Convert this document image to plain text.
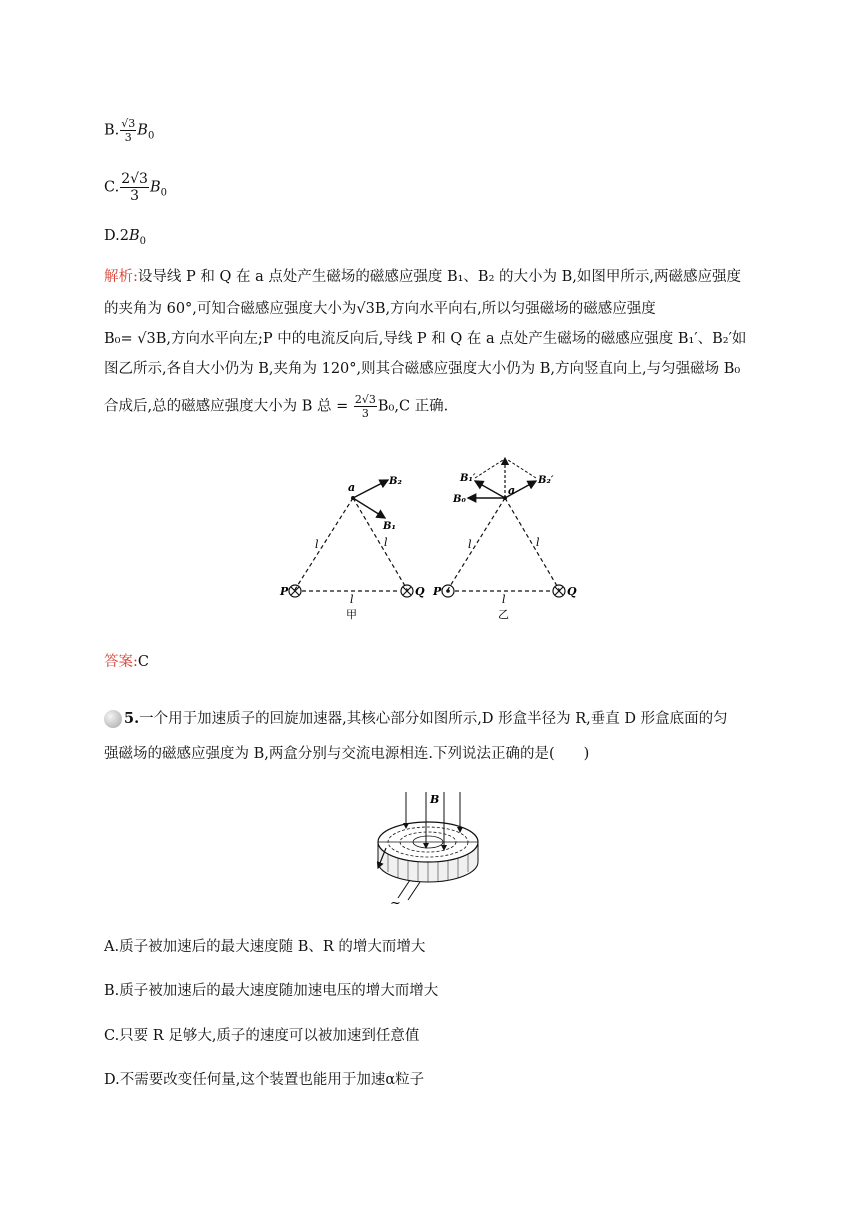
B. $\frac{√3}{3} B_0$
C. $\frac{2√3}{3} B_0$
$D.2B_0$
解析:设导线 P 和 Q 在 a 点处产生磁场的磁感应强度 B₁、B₂ 的大小为 B,如图甲所示,两磁感应强度
的夹角为 60°,可知合磁感应强度大小为√3B,方向水平向右,所以匀强磁场的磁感应强度
B₀= √3B,方向水平向左;P 中的电流反向后,导线 P 和 Q 在 a 点处产生磁场的磁感应强度 B₁′、B₂′如
图乙所示,各自大小仍为 B,夹角为 120°,则其合磁感应强度大小仍为 B,方向竖直向上,与匀强磁场 B₀
合成后,总的磁感应强度大小为 B 总 = $\frac{2√3}{3} B_0,C$ 正确.
a	B₂
B₁
l	l
l
P	Q
甲
a
B₁′	B₂′
B₀
l	l
l
P	Q
乙
答案:C
5.一个用于加速质子的回旋加速器,其核心部分如图所示,D 形盒半径为 R,垂直 D 形盒底面的匀
强磁场的磁感应强度为 B,两盒分别与交流电源相连.下列说法正确的是(　　)
B
~
A.质子被加速后的最大速度随 B、R 的增大而增大
B.质子被加速后的最大速度随加速电压的增大而增大
C.只要 R 足够大,质子的速度可以被加速到任意值
D.不需要改变任何量,这个装置也能用于加速α粒子
